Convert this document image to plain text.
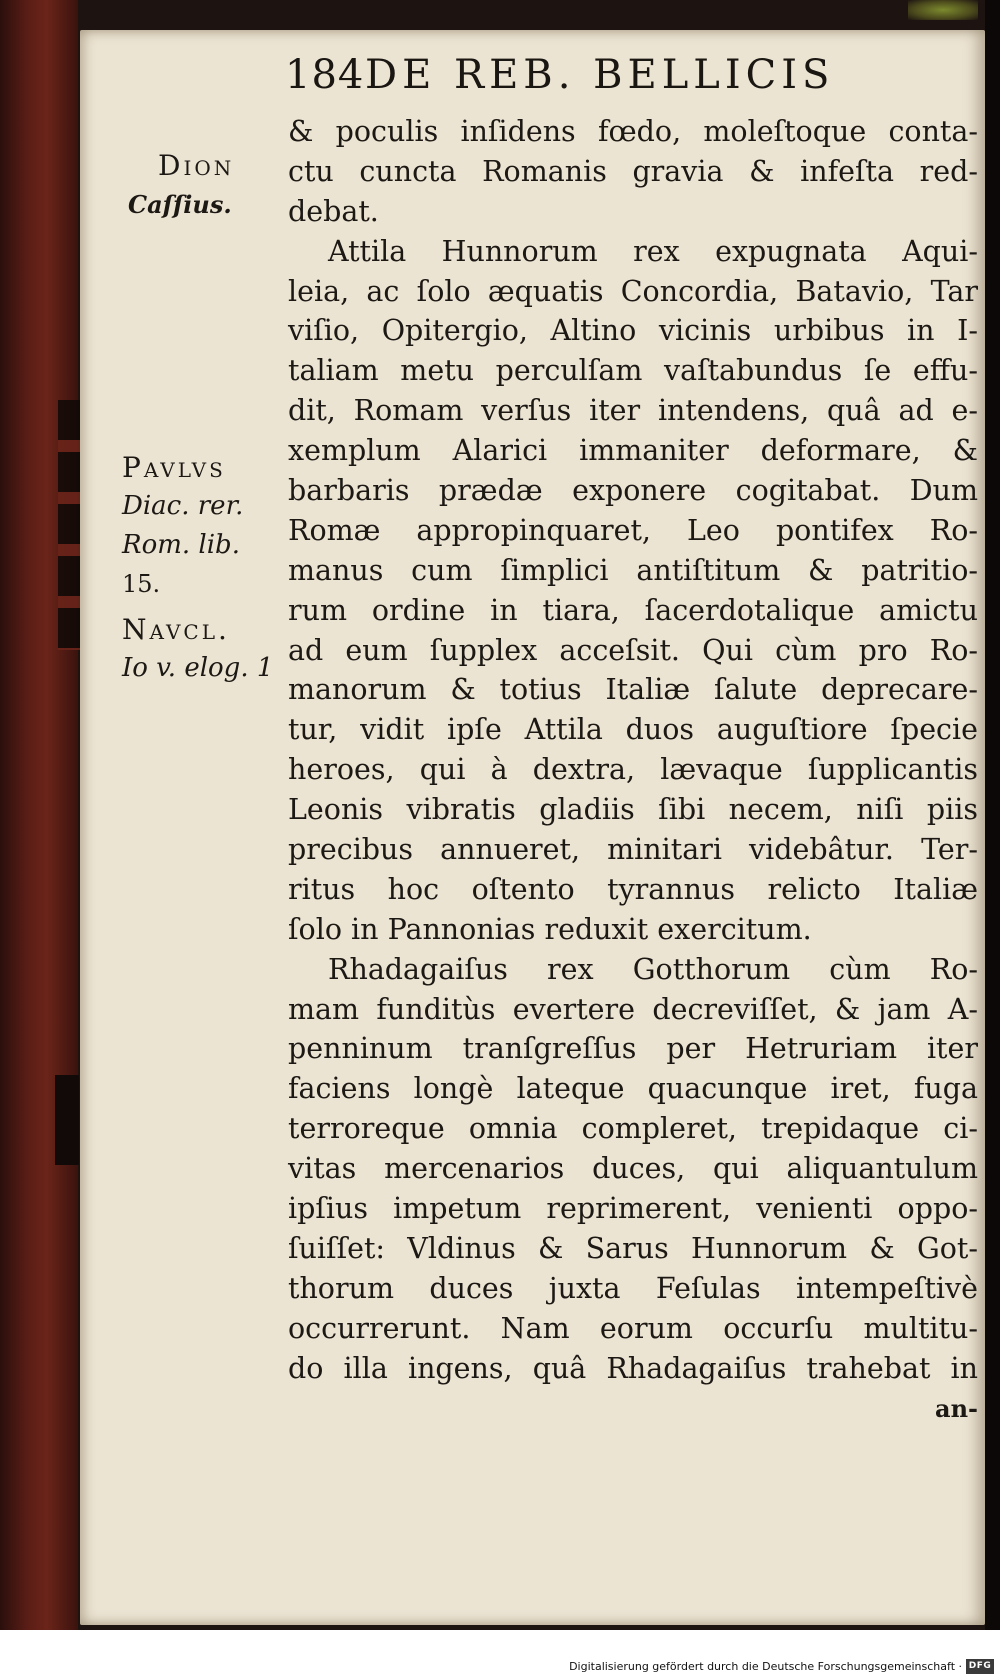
184DE REB. BELLICIS
Dion
Caſſius.
Pavlvs
Diac. rer.
Rom. lib.
15.
Navcl.
Io v. elog. 1
& poculis inſidens fœdo, moleſtoque conta-
ctu cuncta Romanis gravia & infeſta red-
debat.
Attila Hunnorum rex expugnata Aqui-
leia, ac ſolo æquatis Concordia, Batavio, Tar
viſio, Opitergio, Altino vicinis urbibus in I-
taliam metu perculſam vaſtabundus ſe effu-
dit, Romam verſus iter intendens, quâ ad e-
xemplum Alarici immaniter deformare, &
barbaris prædæ exponere cogitabat. Dum
Romæ appropinquaret, Leo pontifex Ro-
manus cum ſimplici antiſtitum & patritio-
rum ordine in tiara, ſacerdotalique amictu
ad eum ſupplex acceſsit. Qui cùm pro Ro-
manorum & totius Italiæ ſalute deprecare-
tur, vidit ipſe Attila duos auguſtiore ſpecie
heroes, qui à dextra, lævaque ſupplicantis
Leonis vibratis gladiis ſibi necem, niſi piis
precibus annueret, minitari videbâtur. Ter-
ritus hoc oſtento tyrannus relicto Italiæ
ſolo in Pannonias reduxit exercitum.
Rhadagaiſus rex Gotthorum cùm Ro-
mam funditùs evertere decreviſſet, & jam A-
penninum tranſgreſſus per Hetruriam iter
faciens longè lateque quacunque iret, fuga
terroreque omnia compleret, trepidaque ci-
vitas mercenarios duces, qui aliquantulum
ipſius impetum reprimerent, venienti oppo-
ſuiſſet: Vldinus & Sarus Hunnorum & Got-
thorum duces juxta Feſulas intempeſtivè
occurrerunt. Nam eorum occurſu multitu-
do illa ingens, quâ Rhadagaiſus trahebat in
an-
Digitalisierung gefördert durch die Deutsche Forschungsgemeinschaft · DFG
